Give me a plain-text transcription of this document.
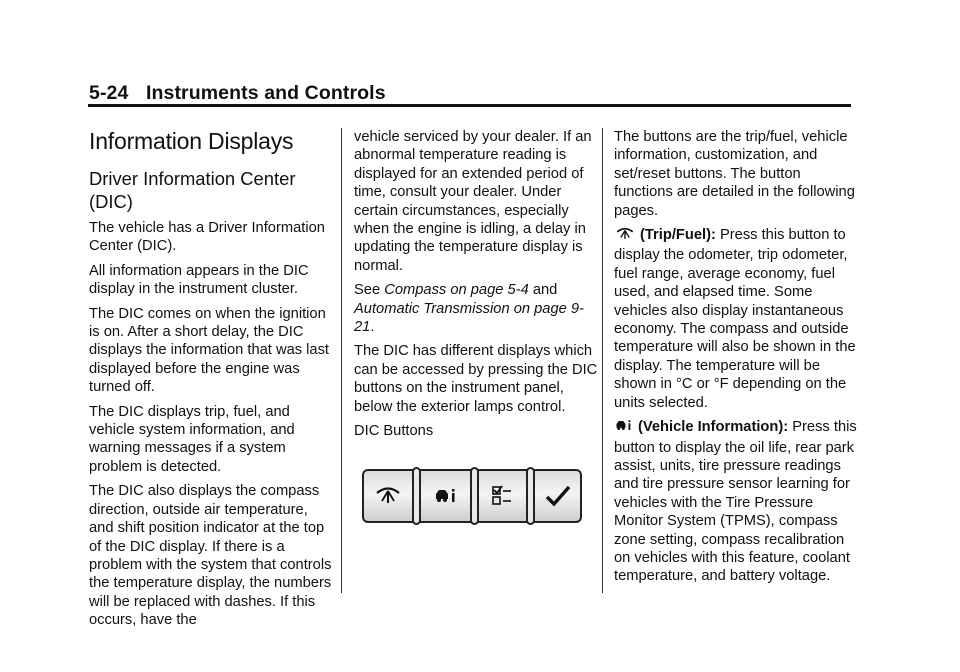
5-24 Instruments and Controls
Information Displays
Driver Information Center (DIC)

The vehicle has a Driver Information Center (DIC).

All information appears in the DIC display in the instrument cluster.

The DIC comes on when the ignition is on. After a short delay, the DIC displays the information that was last displayed before the engine was turned off.

The DIC displays trip, fuel, and vehicle system information, and warning messages if a system problem is detected.

The DIC also displays the compass direction, outside air temperature, and shift position indicator at the top of the DIC display. If there is a problem with the system that controls the temperature display, the numbers will be replaced with dashes. If this occurs, have the

vehicle serviced by your dealer. If an abnormal temperature reading is displayed for an extended period of time, consult your dealer. Under certain circumstances, especially when the engine is idling, a delay in updating the temperature display is normal.

See Compass on page 5-4 and Automatic Transmission on page 9-21.

The DIC has different displays which can be accessed by pressing the DIC buttons on the instrument panel, below the exterior lamps control.

DIC Buttons

The buttons are the trip/fuel, vehicle information, customization, and set/reset buttons. The button functions are detailed in the following pages.

(Trip/Fuel): Press this button to display the odometer, trip odometer, fuel range, average economy, fuel used, and elapsed time. Some vehicles also display instantaneous economy. The compass and outside temperature will also be shown in the display. The temperature will be shown in °C or °F depending on the units selected.

(Vehicle Information): Press this button to display the oil life, rear park assist, units, tire pressure readings and tire pressure sensor learning for vehicles with the Tire Pressure Monitor System (TPMS), compass zone setting, compass recalibration on vehicles with this feature, coolant temperature, and battery voltage.
